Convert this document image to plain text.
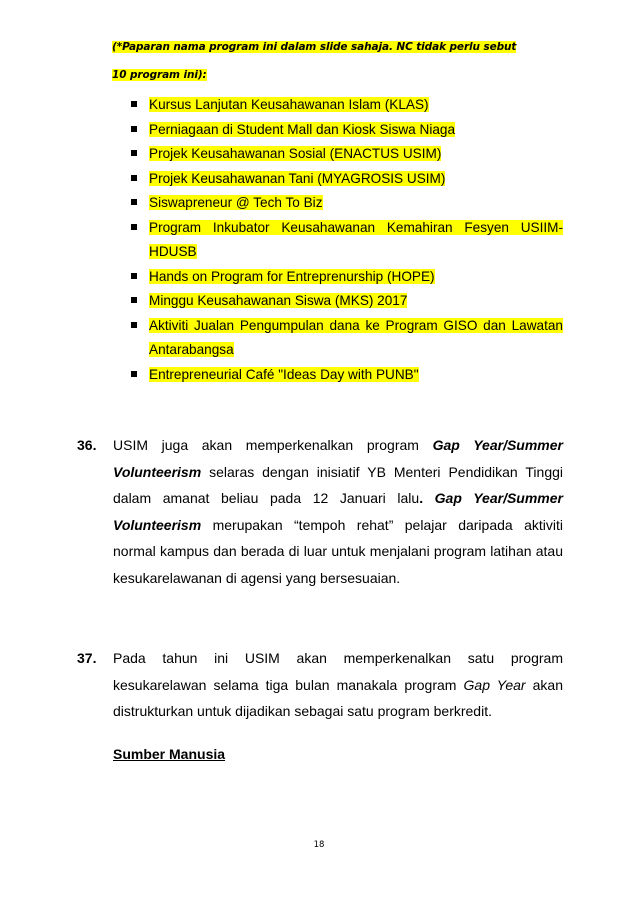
(*Paparan nama program ini dalam slide sahaja. NC tidak perlu sebut
10 program ini):
Kursus Lanjutan Keusahawanan Islam (KLAS)
Perniagaan di Student Mall dan Kiosk Siswa Niaga
Projek Keusahawanan Sosial (ENACTUS USIM)
Projek Keusahawanan Tani (MYAGROSIS USIM)
Siswapreneur @ Tech To Biz
Program Inkubator Keusahawanan Kemahiran Fesyen USIIM-HDUSB
Hands on Program for Entreprenurship (HOPE)
Minggu Keusahawanan Siswa (MKS) 2017
Aktiviti Jualan Pengumpulan dana ke Program GISO dan Lawatan Antarabangsa
Entrepreneurial Café "Ideas Day with PUNB"
36. USIM juga akan memperkenalkan program Gap Year/Summer Volunteerism selaras dengan inisiatif YB Menteri Pendidikan Tinggi dalam amanat beliau pada 12 Januari lalu. Gap Year/Summer Volunteerism merupakan “tempoh rehat” pelajar daripada aktiviti normal kampus dan berada di luar untuk menjalani program latihan atau kesukarelawanan di agensi yang bersesuaian.
37. Pada tahun ini USIM akan memperkenalkan satu program kesukarelawan selama tiga bulan manakala program Gap Year akan distrukturkan untuk dijadikan sebagai satu program berkredit.
Sumber Manusia
18
